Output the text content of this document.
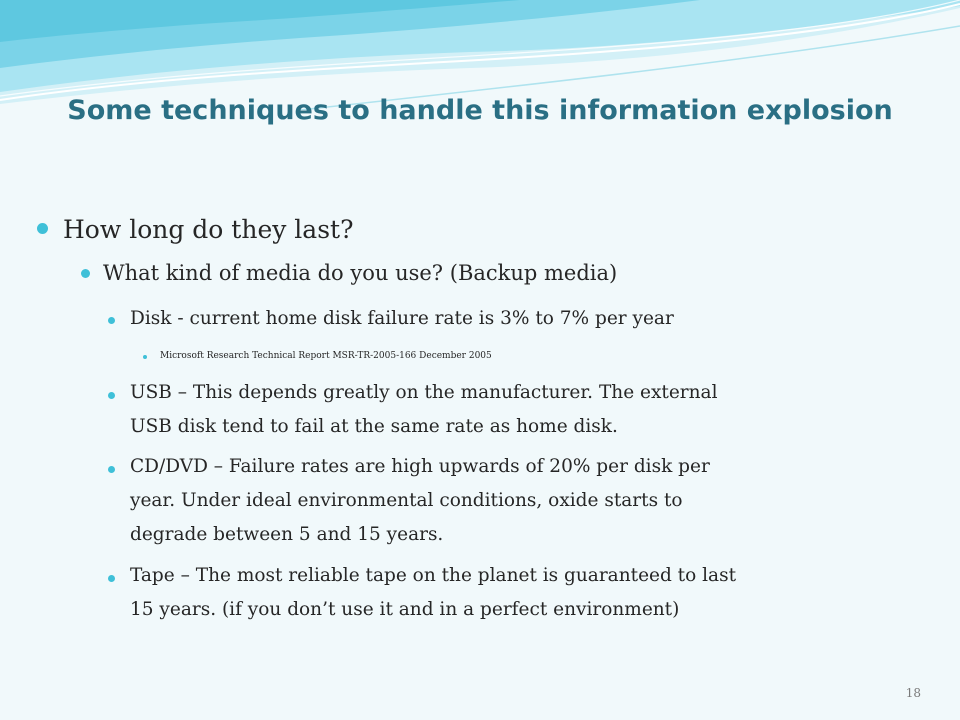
Some techniques to handle this information explosion
How long do they last?
What kind of media do you use? (Backup media)
Disk - current home disk failure rate is 3% to 7% per year
Microsoft Research Technical Report MSR-TR-2005-166 December 2005
USB – This depends greatly on the manufacturer. The external
USB disk tend to fail at the same rate as home disk.
CD/DVD – Failure rates are high upwards of 20% per disk per
year. Under ideal environmental conditions, oxide starts to
degrade between 5 and 15 years.
Tape – The most reliable tape on the planet is guaranteed to last
15 years. (if you don’t use it and in a perfect environment)
18
